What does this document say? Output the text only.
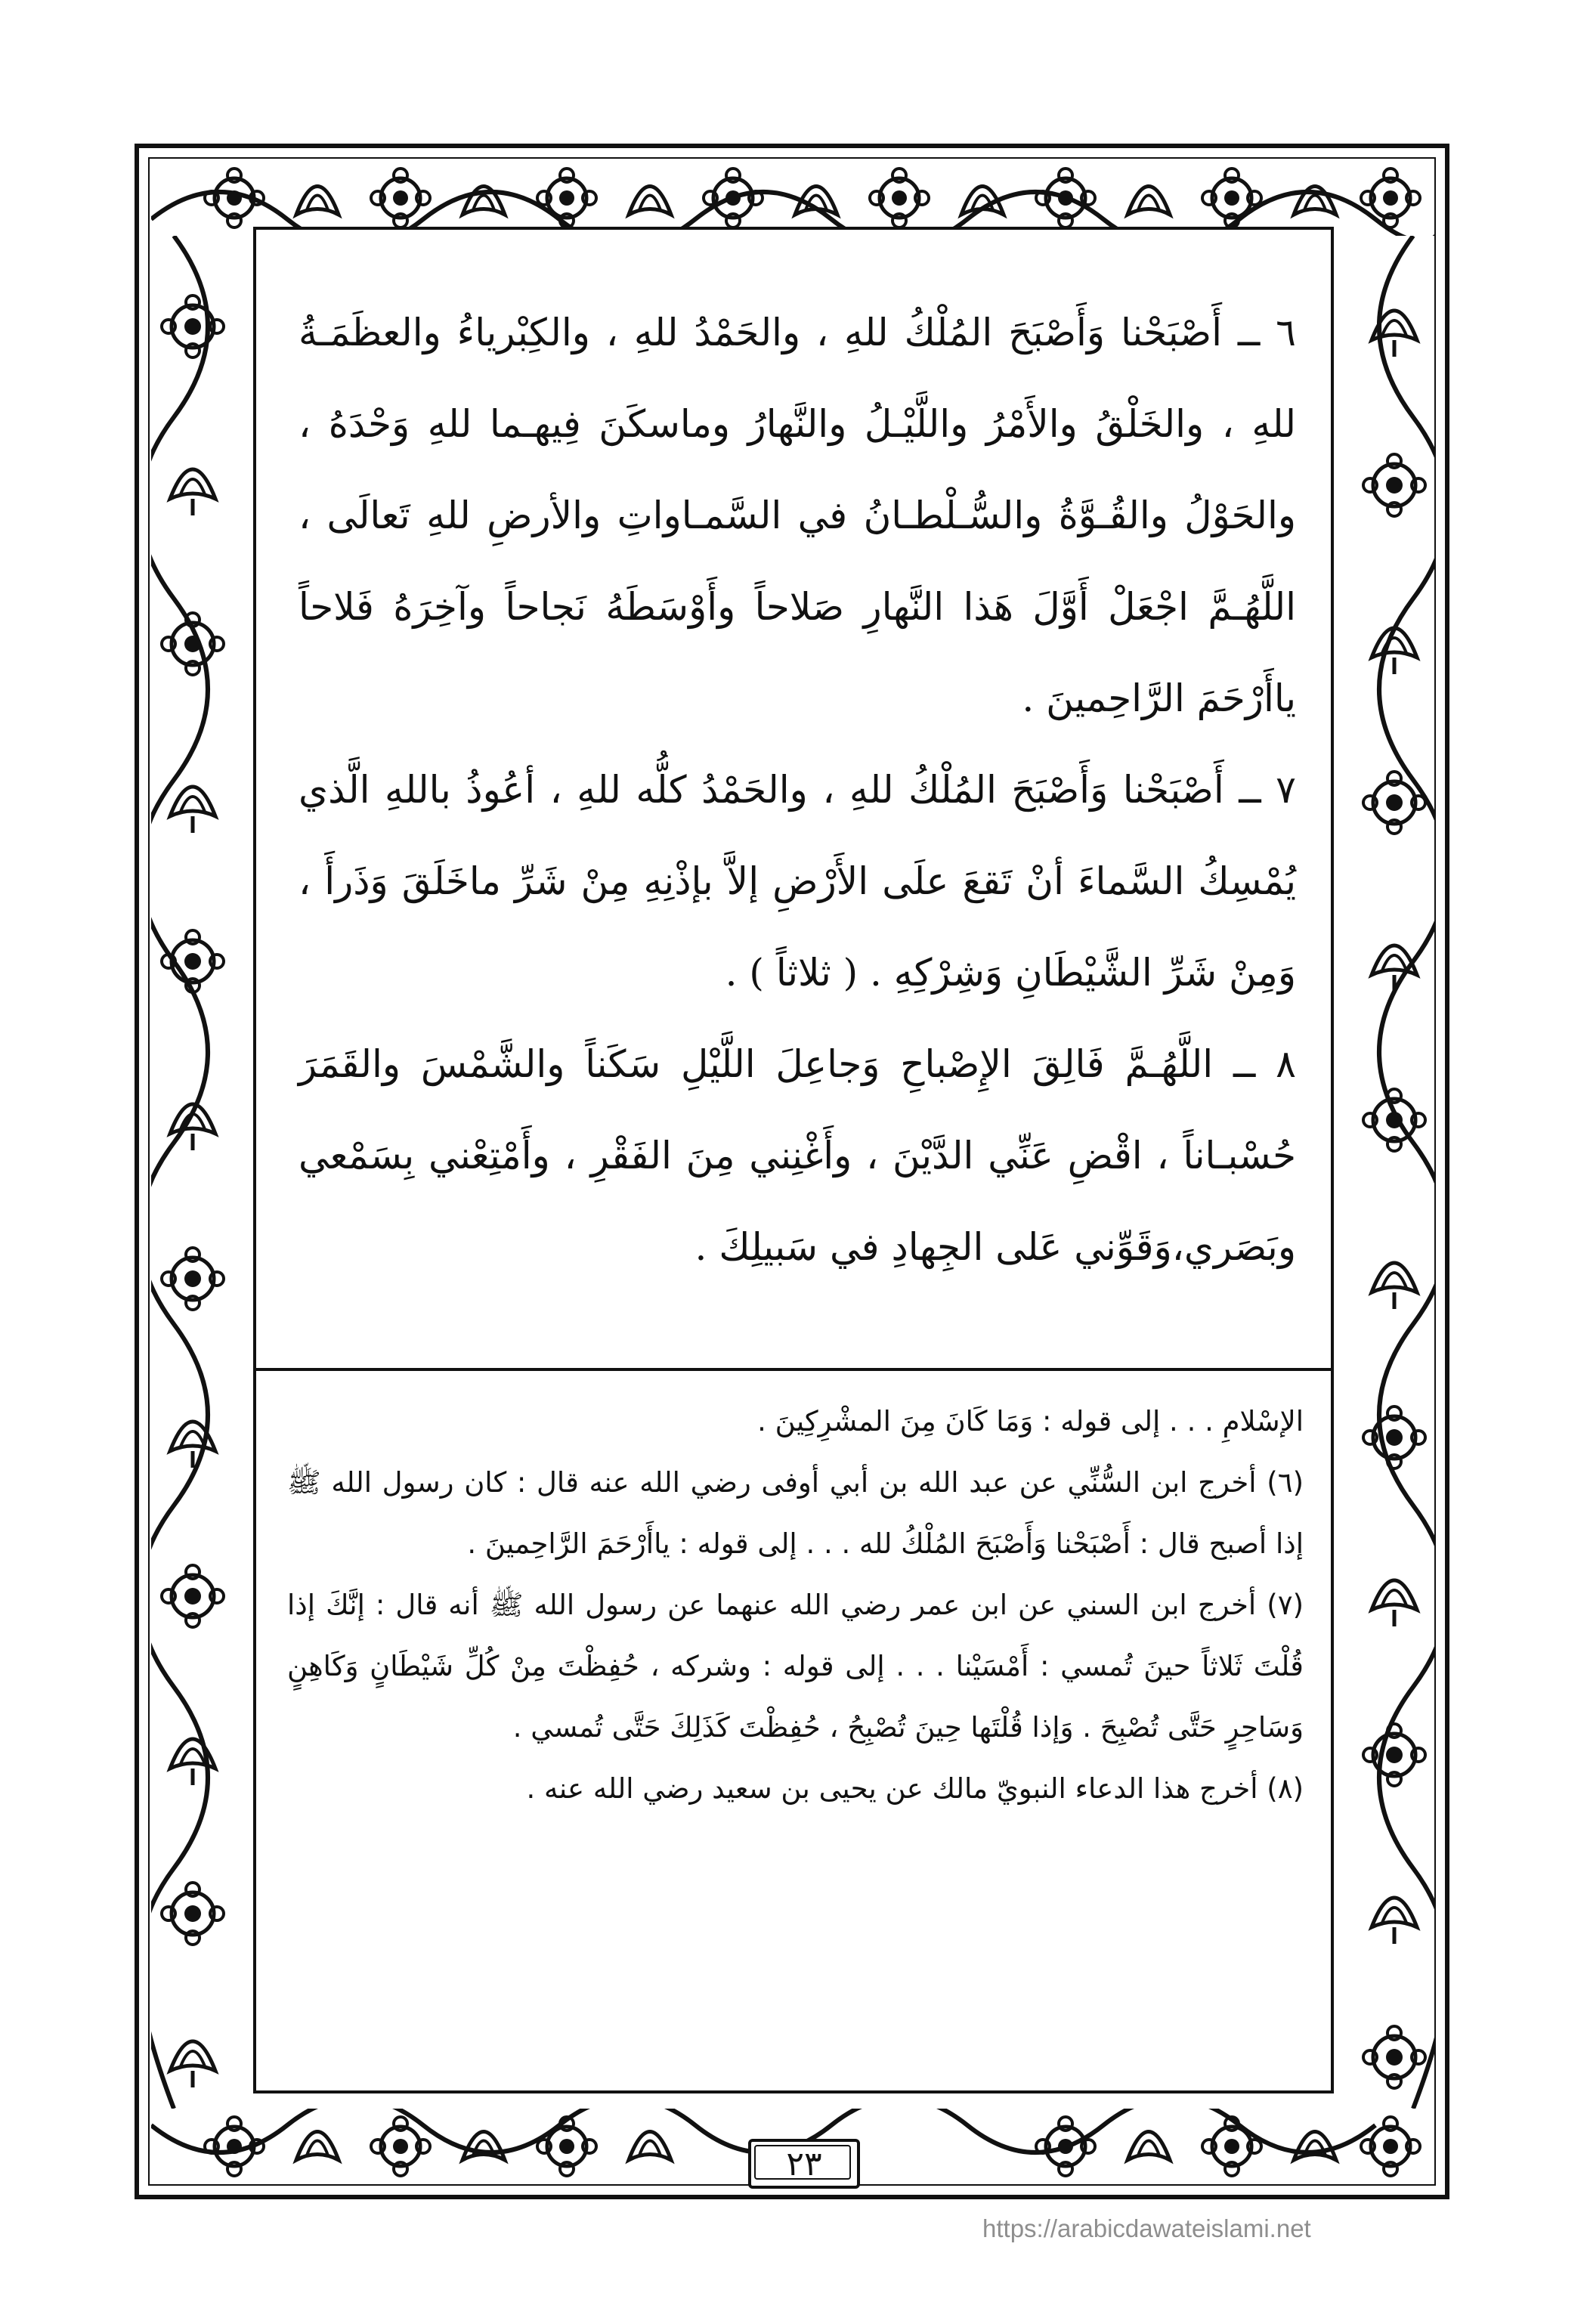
٦ ــ أَصْبَحْنا وَأَصْبَحَ المُلْكُ للهِ ، والحَمْدُ للهِ ، والكِبْرياءُ والعظَمَـةُ للهِ ، والخَلْقُ والأَمْرُ واللَّيْـلُ والنَّهارُ وماسكَنَ فِيهـما للهِ وَحْدَهُ ، والحَوْلُ والقُـوَّةُ والسُّـلْطـانُ في السَّمـاواتِ والأرضِ للهِ تَعالَى ، اللَّهُـمَّ اجْعَلْ أَوَّلَ هَذا النَّهارِ صَلاحاً وأَوْسَطَهُ نَجاحاً وآخِرَهُ فَلاحاً ياأَرْحَمَ الرَّاحِمينَ .

٧ ــ أَصْبَحْنا وَأَصْبَحَ المُلْكُ للهِ ، والحَمْدُ كلُّه للهِ ، أعُوذُ باللهِ الَّذي يُمْسِكُ السَّماءَ أنْ تَقعَ علَى الأَرْضِ إلاَّ بإذْنِهِ مِنْ شَرِّ ماخَلَقَ وَذَرأَ ، وَمِنْ شَرِّ الشَّيْطَانِ وَشِرْكِهِ . ( ثلاثاً ) .

٨ ــ اللَّهُـمَّ فَالِقَ الإِصْباحِ وَجاعِلَ اللَّيْلِ سَكَناً والشَّمْسَ والقَمَرَ حُسْبـاناً ، اقْضِ عَنِّي الدَّيْنَ ، وأَغْنِني مِنَ الفَقْرِ ، وأَمْتِعْني بِسَمْعي وبَصَري،وَقَوِّني عَلى الجِهادِ في سَبيلِكَ .

الإسْلامِ . . . إلى قوله : وَمَا كَانَ مِنَ المشْرِكِينَ .

(٦) أخرج ابن السُّنِّي عن عبد الله بن أبي أوفى رضي الله عنه قال : كان رسول الله ﷺ إذا أصبح قال : أَصْبَحْنا وَأَصْبَحَ المُلْكُ لله . . . إلى قوله : ياأَرْحَمَ الرَّاحِمينَ .

(٧) أخرج ابن السني عن ابن عمر رضي الله عنهما عن رسول الله ﷺ أنه قال : إنَّكَ إذا قُلْتَ ثَلاثاً حينَ تُمسي : أَمْسَيْنا . . . إلى قوله : وشركه ، حُفِظْتَ مِنْ كُلِّ شَيْطَانٍ وَكَاهِنٍ وَسَاحِرٍ حَتَّى تُصْبِحَ . وَإذا قُلْتَها حِينَ تُصْبِحُ ، حُفِظْتَ كَذَلِكَ حَتَّى تُمسي .

(٨) أخرج هذا الدعاء النبويّ مالك عن يحيى بن سعيد رضي الله عنه .

٢٣
https://arabicdawateislami.net
